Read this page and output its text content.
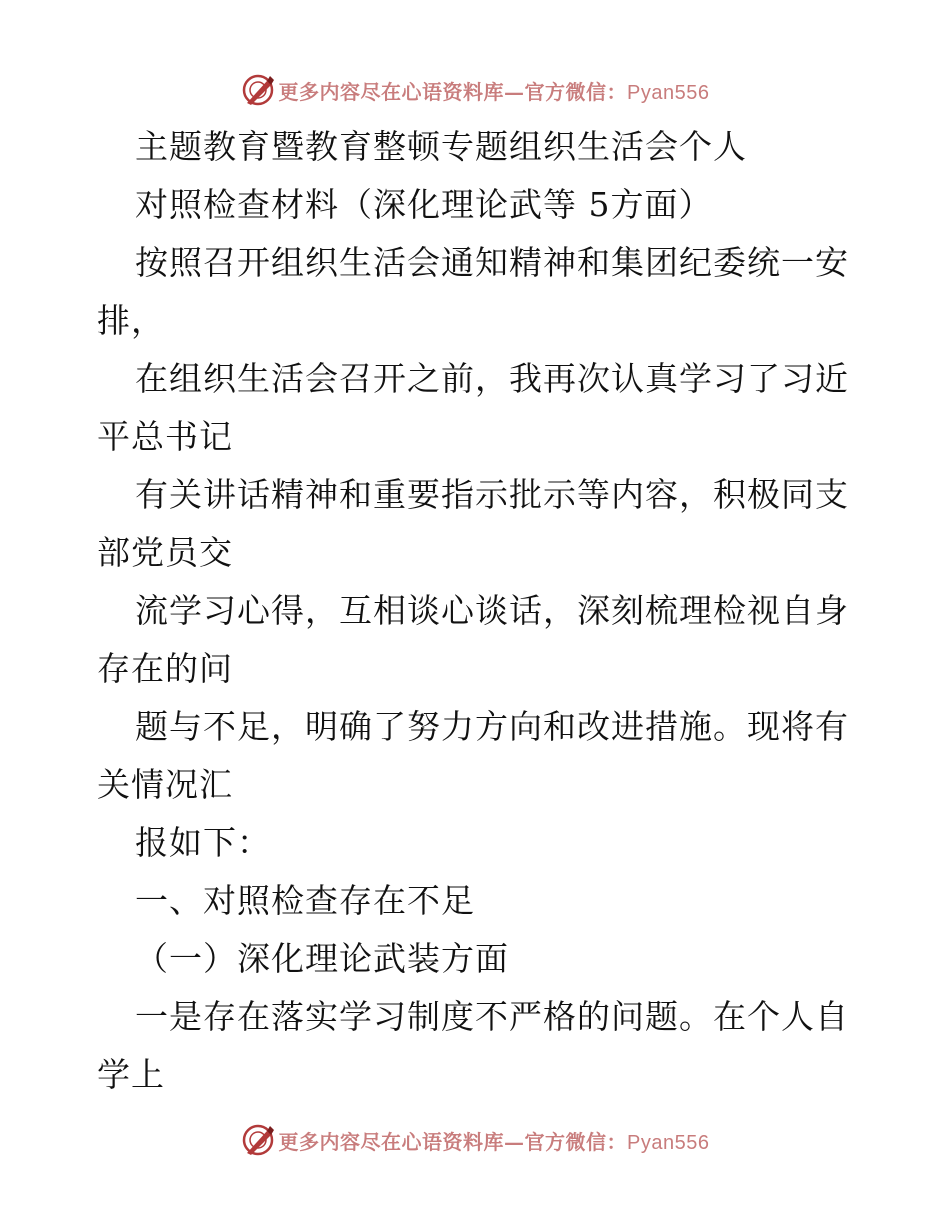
更多内容尽在心语资料库—官方微信：Pyan556
主题教育暨教育整顿专题组织生活会个人
对照检查材料（深化理论武等 5方面）
按照召开组织生活会通知精神和集团纪委统一安
排，
在组织生活会召开之前，我再次认真学习了习近
平总书记
有关讲话精神和重要指示批示等内容，积极同支
部党员交
流学习心得，互相谈心谈话，深刻梳理检视自身
存在的问
题与不足，明确了努力方向和改进措施。现将有
关情况汇
报如下：
一、对照检查存在不足
（一）深化理论武装方面
一是存在落实学习制度不严格的问题。在个人自
学上
更多内容尽在心语资料库—官方微信：Pyan556
